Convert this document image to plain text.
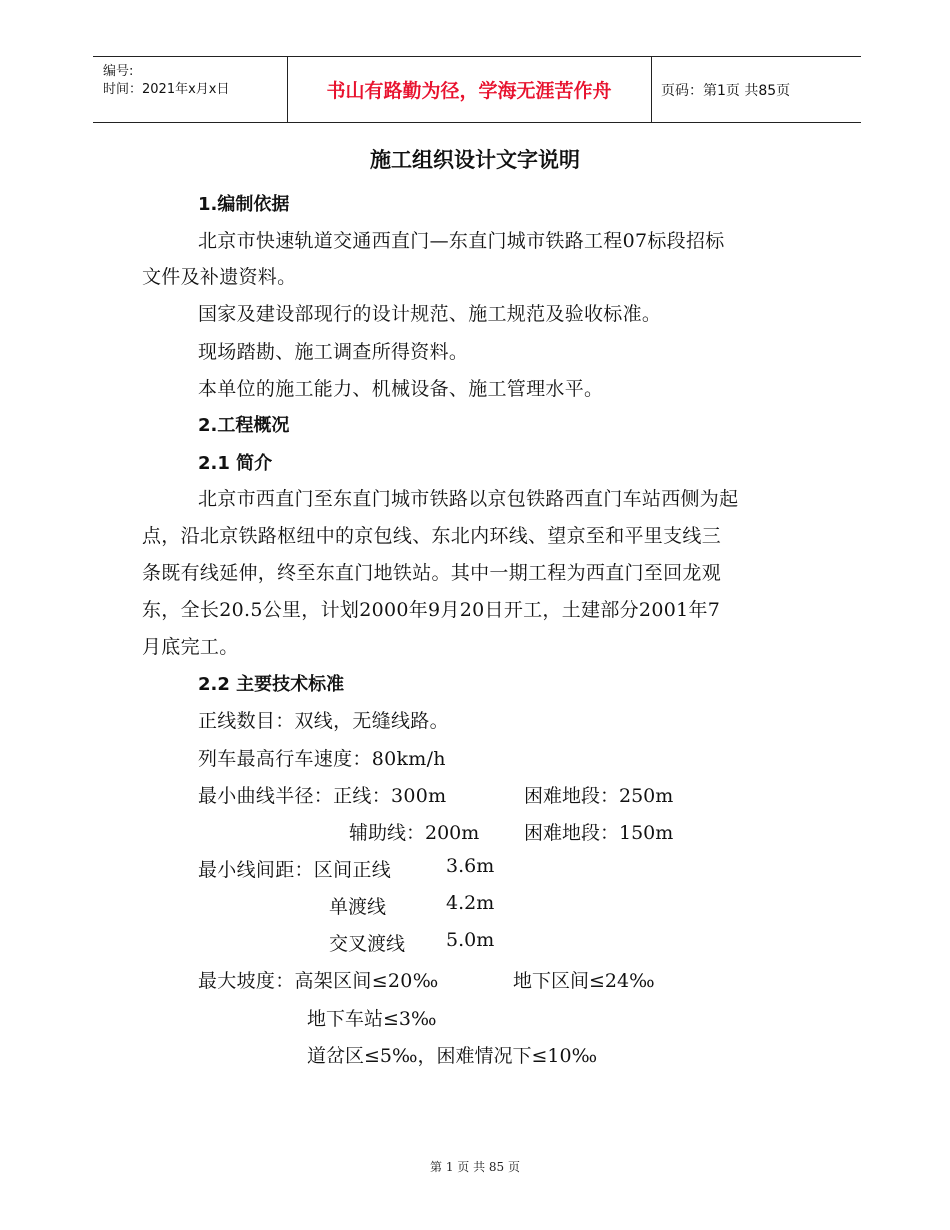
编号:
时间：2021年x月x日	书山有路勤为径，学海无涯苦作舟	页码：第1页 共85页
施工组织设计文字说明
1.编制依据
北京市快速轨道交通西直门—东直门城市铁路工程07标段招标
文件及补遗资料。
国家及建设部现行的设计规范、施工规范及验收标准。
现场踏勘、施工调查所得资料。
本单位的施工能力、机械设备、施工管理水平。
2.工程概况
2.1 简介
北京市西直门至东直门城市铁路以京包铁路西直门车站西侧为起
点，沿北京铁路枢纽中的京包线、东北内环线、望京至和平里支线三
条既有线延伸，终至东直门地铁站。其中一期工程为西直门至回龙观
东，全长20.5公里，计划2000年9月20日开工，土建部分2001年7
月底完工。
2.2 主要技术标准
正线数目：双线，无缝线路。
列车最高行车速度：80km/h
最小曲线半径：正线：300m	困难地段：250m
辅助线：200m 困难地段：150m
最小线间距：区间正线	3.6m
单渡线	4.2m
交叉渡线 5.0m
最大坡度：高架区间≤20‰	地下区间≤24‰
地下车站≤3‰
道岔区≤5‰，困难情况下≤10‰
第 1 页 共 85 页
